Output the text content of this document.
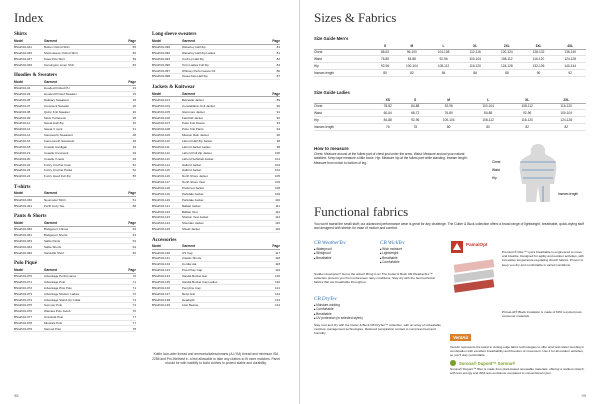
Index
Shirts
Model	Garment	Page
BStd/Cfd-041	Button Oxford Shirt	55
BStd/Cfd-045	Short-sleeve Oxford Shirt	56
BStd/Cfd-047	Kasa Polo Shirt	59
BStd/Cfd-049	Kensington Linen Shirt	60
Hoodies & Sweaters
Model	Garment	Page
BStd/Cfd-01	Hooded Knitted PU	13
BStd/Cfd-03	Hooded Printed Sweater	15
BStd/Cfd-05	Nakkary Sweatsuit	18
BStd/Cfd-07	Crewneck Sweater	20
BStd/Cfd-08	Quinn Knit Sweater	20
BStd/Cfd-09	Mock Turtleneck	28
BStd/Cfd-11	Sweat Half Zip	40
BStd/Cfd-12	Sweat V neck	41
BStd/Cfd-14	Kainsworth Sweatsuit	48
BStd/Cfd-16	Kameroneth Sweatsuit	48
BStd/Cfd-18	Coastle Cardigan	49
BStd/Cfd-19	Coastle Crewneck	49
BStd/Cfd-20	Coastle V-neck	49
BStd/Cfd-22	Fuzzy Crochet Coat	52
BStd/Cfd-23	Fuzzy Crochet Parka	52
BStd/Cfd-24	Fuzzy Hood Full Zip	55
T-shirts
Model	Garment	Page
BStd/Cfd-030	Neomodel Tshirt	61
BStd/Cfd-031	Perfit Cozy Tee	68
Pants & Shorts
Model	Garment	Page
BStd/Cfd-060	Bridgeport Chinos	63
BStd/Cfd-061	Bridgeport Shorts	63
BStd/Cfd-063	Sable Pants	64
BStd/Cfd-064	Sable Shorts	64
BStd/Cfd-066	Sandville Short	66
Polo Piqué
Model	Garment	Page
BStd/Cfd-070	Advantage Performance	70
BStd/Cfd-071	Advantage Polo	71
BStd/Cfd-072	Advantage Plus Polo	71
BStd/Cfd-073	Advantage Modern Ladies	72
BStd/Cfd-074	Advantage Stand-Up Collar	73
BStd/Cfd-075	Summer Polo	74
BStd/Cfd-076	Waimea Polo Jacob	76
BStd/Cfd-077	Grandola Polo	77
BStd/Cfd-078	Minerals Polo	77
BStd/Cfd-079	Samuel Polo	78
Long sleeve sweaters
Model	Garment	Page
BStd/Cfd-090	Waverley Half Zip	81
BStd/Cfd-092	Waverley Half Zip Ladies	81
BStd/Cfd-094	Croft Lp Half Zip	82
BStd/Cfd-096	Torin Ladies Full Zip	84
BStd/Cfd-097	Whitney Performance FZ	86
BStd/Cfd-098	Tessa Fast Half Zip	87
Jackets & Knitwear
Model	Garment	Page
BStd/Cfd-101	Belcastle Jacket	89
BStd/Cfd-103	Constellation Knit Jacket	90
BStd/Cfd-105	Glenmore Jacket	91
BStd/Cfd-106	Fairchild Jacket	92
BStd/Cfd-107	Potto Knit Fleece	93
BStd/Cfd-108	Potto Knit Pants	94
BStd/Cfd-109	Mission Rain Jacket	96
BStd/Cfd-110	LaFord Half Zip Jacket	98
BStd/Cfd-111	LaFord Jacket Ladies	98
BStd/Cfd-112	LaFord Full Zip Jacket	100
BStd/Cfd-113	LaFord Softshell Jacket	101
BStd/Cfd-114	Halford Jacket	103
BStd/Cfd-115	Halford Jacket	104
BStd/Cfd-116	North Shore Jacket	105
BStd/Cfd-117	North Shore Vest	106
BStd/Cfd-118	Preferred Jacket	108
BStd/Cfd-119	Parkdale Jacket	109
BStd/Cfd-120	Parkdale Jacket	110
BStd/Cfd-121	Ballast Jacket	111
BStd/Cfd-122	Ballast Vest	112
BStd/Cfd-123	Shelton Vest Jacket	114
BStd/Cfd-124	Sheridan Jacket	115
BStd/Cfd-125	Shield Jacket	116
Accessories
Model	Garment	Page
BStd/Cfd-130	US Cap	117
BStd/Cfd-131	Classic Shorts	118
BStd/Cfd-132	Cordia Hat	118
BStd/Cfd-133	Pixel Pixie Cap	119
BStd/Cfd-134	Sandia Bucket Hat	120
BStd/Cfd-135	Sandia Bucket Cap Ladies	120
BStd/Cfd-136	Percyline Cap	121
BStd/Cfd-137	Bezyl Hat	122
BStd/Cfd-138	Headsplit	123
BStd/Cfd-139	Lilac Beanie	124
Kalibr Icon-alter thread and ammonia/kaleschmarts (A-LYM) thread and minimum ISA 2258 and Pro-Wethest e- a few allowable to take any clothes to fit more matches. Panel should be with inability to build clothes to protect stable and durability.
98
Sizes & Fabrics
Size Guide Men's
	S	M	L	XL	2XL	3XL	4XL
Chest	88-92	96-100	104-108	112-116	120-124	128-132	136-140
Waist	76-80	84-88	92-96	100-104	108-112	116-120	124-128
Hip	92-96	100-104	108-112	116-120	124-128	132-136	140-144
Inseam length	80	82	84	86	88	90	92
Size Guide Ladies
	XS	S	M	L	XL	2XL
Chest	78-82	84-88	92-96	100-104	108-112	116-120
Waist	60-64	68-72	76-80	84-88	92-96	100-104
Hip	84-88	92-96	100-104	108-112	116-120	124-128
Inseam length	76	78	80	80	82	82
How to measure

Chest: Measure around at the fullest part of chest just under the arms. Waist: Measure around your natural waistline. Keep tape measure a little loose. Hip: Measure hip at the fullest part while standing. Inseam length: Measure from crotch to bottom of leg.	Chest
Waist
Hip
Inseam length
Functional fabrics
You won't sweat the small stuff; our advanced performance wear is great for any challenge. The Cutter & Buck collection offers a broad range of lightweight, breathable, quick-drying stuff and designed with stretch for ease of motion and comfort.
CB WeatherTec
■ Waterproof
■ Windproof
■ Breathable
CB WickTec
■ Wick moisture
■ Lightweight
■ Breathable
■ Comfortable

Sudden downpour? Get to the action! Bring it on! The Cutter & Buck CB WeatherTec™ collection protects you from unforeseen rainy conditions. Stay dry with the best technical fabrics that are breathable throughout.

CB DryTec
■ Moisture-wicking
■ Comfortable
■ Breathable
■ UV protection (in selected styles)

Stay cool and dry with the Cutter & Buck CB DryTec™ collection, with an array of unbeatable moisture management technologies. Reduced perspiration contact to compress heat and humidity.

PamalOpt

Premium® Rise™ Lycra breathable is engineered to move and breathe. Designed for agility and outdoor activities, with innovative temperature-regulating stretch fabrics. Proven to keep you dry and comfortable in varied conditions.

PrimaLoft® Black Insulation is made of 60% recycled post-consumer materials.

VentAir

VentAir represents the latest in cutting-edge fabric technologies to offer wind and water proofing in combination with excellent breathability and freedom of movement. Use it for all outdoor activities, so you'll stay comfortable.

Sorona® Dupont™ Sorona®

Sorona® Dupont™ fiber is made from plant-based renewable materials, offering a resilient stretch, with less energy and 30% less emissions compared to conventional nylon.

99
